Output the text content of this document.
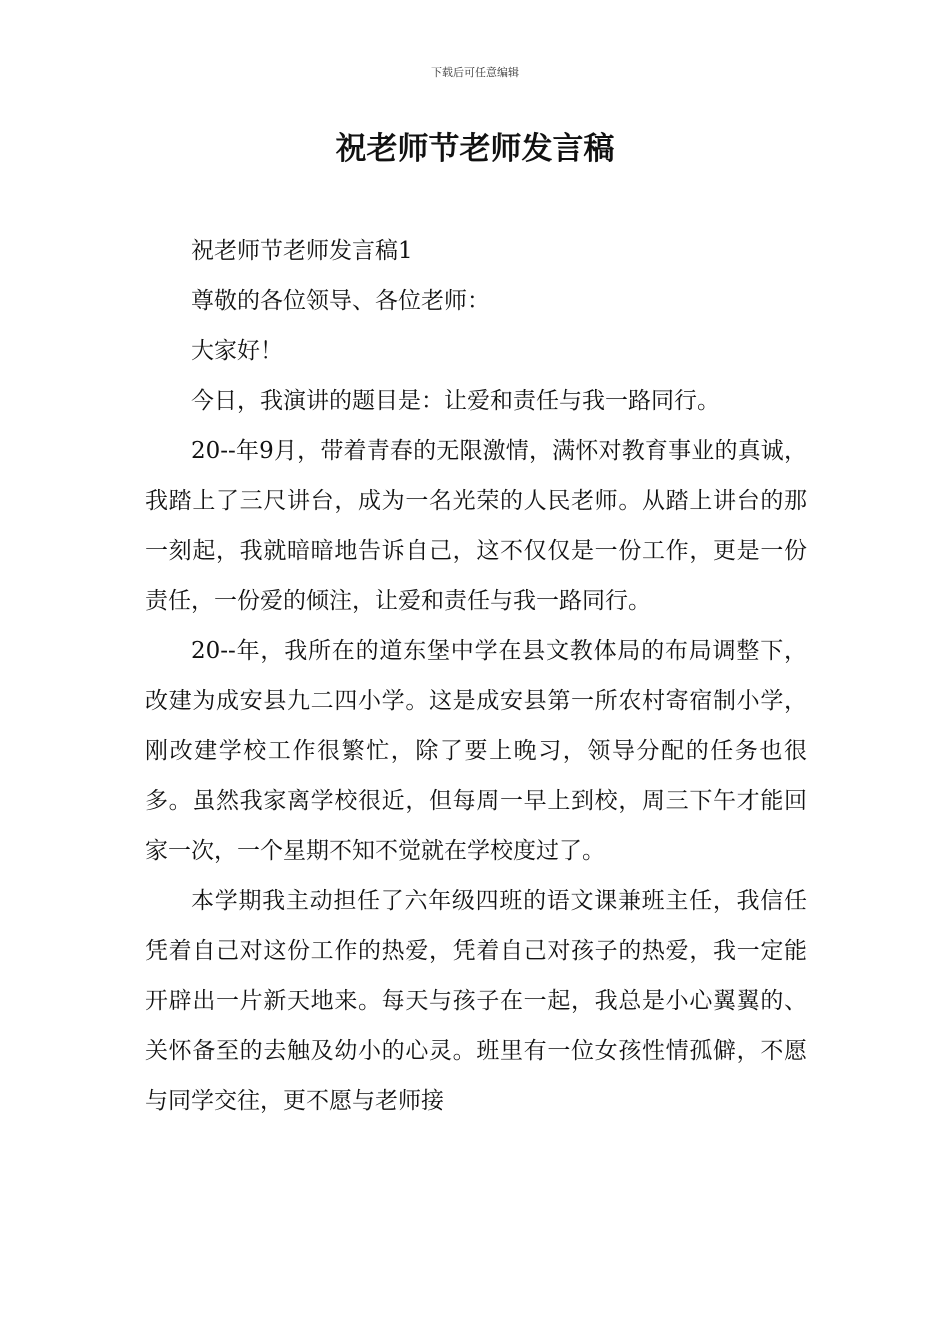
下载后可任意编辑
祝老师节老师发言稿

祝老师节老师发言稿1

尊敬的各位领导、各位老师：

大家好！

今日，我演讲的题目是：让爱和责任与我一路同行。

20--年9月，带着青春的无限激情，满怀对教育事业的真诚，我踏上了三尺讲台，成为一名光荣的人民老师。从踏上讲台的那一刻起，我就暗暗地告诉自己，这不仅仅是一份工作，更是一份责任，一份爱的倾注，让爱和责任与我一路同行。

20--年，我所在的道东堡中学在县文教体局的布局调整下，改建为成安县九二四小学。这是成安县第一所农村寄宿制小学，刚改建学校工作很繁忙，除了要上晚习，领导分配的任务也很多。虽然我家离学校很近，但每周一早上到校，周三下午才能回家一次，一个星期不知不觉就在学校度过了。

本学期我主动担任了六年级四班的语文课兼班主任，我信任凭着自己对这份工作的热爱，凭着自己对孩子的热爱，我一定能开辟出一片新天地来。每天与孩子在一起，我总是小心翼翼的、关怀备至的去触及幼小的心灵。班里有一位女孩性情孤僻，不愿与同学交往，更不愿与老师接
